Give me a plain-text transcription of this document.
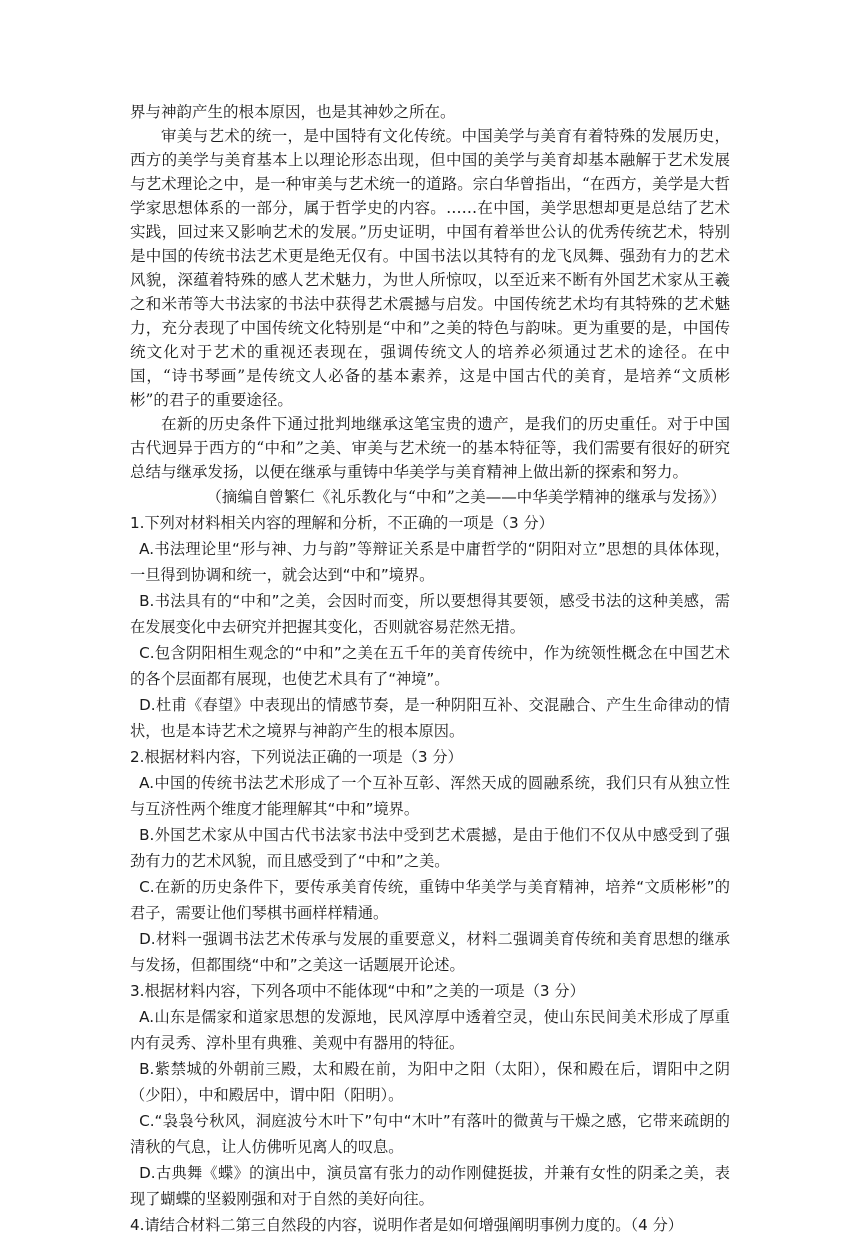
界与神韵产生的根本原因，也是其神妙之所在。

审美与艺术的统一，是中国特有文化传统。中国美学与美育有着特殊的发展历史，西方的美学与美育基本上以理论形态出现，但中国的美学与美育却基本融解于艺术发展与艺术理论之中，是一种审美与艺术统一的道路。宗白华曾指出，“在西方，美学是大哲学家思想体系的一部分，属于哲学史的内容。……在中国，美学思想却更是总结了艺术实践，回过来又影响艺术的发展。”历史证明，中国有着举世公认的优秀传统艺术，特别是中国的传统书法艺术更是绝无仅有。中国书法以其特有的龙飞凤舞、强劲有力的艺术风貌，深蕴着特殊的感人艺术魅力，为世人所惊叹，以至近来不断有外国艺术家从王羲之和米芾等大书法家的书法中获得艺术震撼与启发。中国传统艺术均有其特殊的艺术魅力，充分表现了中国传统文化特别是“中和”之美的特色与韵味。更为重要的是，中国传统文化对于艺术的重视还表现在，强调传统文人的培养必须通过艺术的途径。在中国，“诗书琴画”是传统文人必备的基本素养，这是中国古代的美育，是培养“文质彬彬”的君子的重要途径。

在新的历史条件下通过批判地继承这笔宝贵的遗产，是我们的历史重任。对于中国古代迥异于西方的“中和”之美、审美与艺术统一的基本特征等，我们需要有很好的研究总结与继承发扬，以便在继承与重铸中华美学与美育精神上做出新的探索和努力。

（摘编自曾繁仁《礼乐教化与“中和”之美——中华美学精神的继承与发扬》）

1.下列对材料相关内容的理解和分析，不正确的一项是（3 分）

A.书法理论里“形与神、力与韵”等辩证关系是中庸哲学的“阴阳对立”思想的具体体现，一旦得到协调和统一，就会达到“中和”境界。

B.书法具有的“中和”之美，会因时而变，所以要想得其要领，感受书法的这种美感，需在发展变化中去研究并把握其变化，否则就容易茫然无措。

C.包含阴阳相生观念的“中和”之美在五千年的美育传统中，作为统领性概念在中国艺术的各个层面都有展现，也使艺术具有了“神境”。

D.杜甫《春望》中表现出的情感节奏，是一种阴阳互补、交混融合、产生生命律动的情状，也是本诗艺术之境界与神韵产生的根本原因。

2.根据材料内容，下列说法正确的一项是（3 分）

A.中国的传统书法艺术形成了一个互补互彰、浑然天成的圆融系统，我们只有从独立性与互济性两个维度才能理解其“中和”境界。

B.外国艺术家从中国古代书法家书法中受到艺术震撼，是由于他们不仅从中感受到了强劲有力的艺术风貌，而且感受到了“中和”之美。

C.在新的历史条件下，要传承美育传统，重铸中华美学与美育精神，培养“文质彬彬”的君子，需要让他们琴棋书画样样精通。

D.材料一强调书法艺术传承与发展的重要意义，材料二强调美育传统和美育思想的继承与发扬，但都围绕“中和”之美这一话题展开论述。

3.根据材料内容，下列各项中不能体现“中和”之美的一项是（3 分）

A.山东是儒家和道家思想的发源地，民风淳厚中透着空灵，使山东民间美术形成了厚重内有灵秀、淳朴里有典雅、美观中有器用的特征。

B.紫禁城的外朝前三殿，太和殿在前，为阳中之阳（太阳），保和殿在后，谓阳中之阴（少阳），中和殿居中，谓中阳（阳明）。

C.“袅袅兮秋风，洞庭波兮木叶下”句中“木叶”有落叶的微黄与干燥之感，它带来疏朗的清秋的气息，让人仿佛听见离人的叹息。

D.古典舞《蝶》的演出中，演员富有张力的动作刚健挺拔，并兼有女性的阴柔之美，表现了蝴蝶的坚毅刚强和对于自然的美好向往。

4.请结合材料二第三自然段的内容，说明作者是如何增强阐明事例力度的。（4 分）
